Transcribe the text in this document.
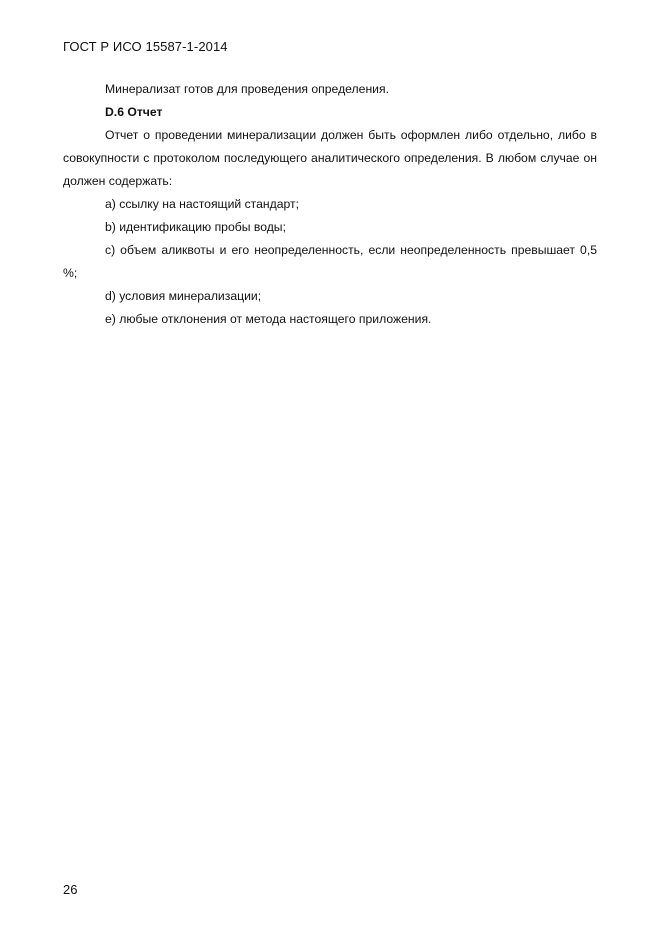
ГОСТ Р ИСО 15587-1-2014

Минерализат готов для проведения определения.

D.6 Отчет

Отчет о проведении минерализации должен быть оформлен либо отдельно, либо в совокупности с протоколом последующего аналитического определения. В любом случае он должен содержать:

a) ссылку на настоящий стандарт;

b) идентификацию пробы воды;

c) объем аликвоты и его неопределенность, если неопределенность превышает 0,5 %;

d) условия минерализации;

e) любые отклонения от метода настоящего приложения.

26
